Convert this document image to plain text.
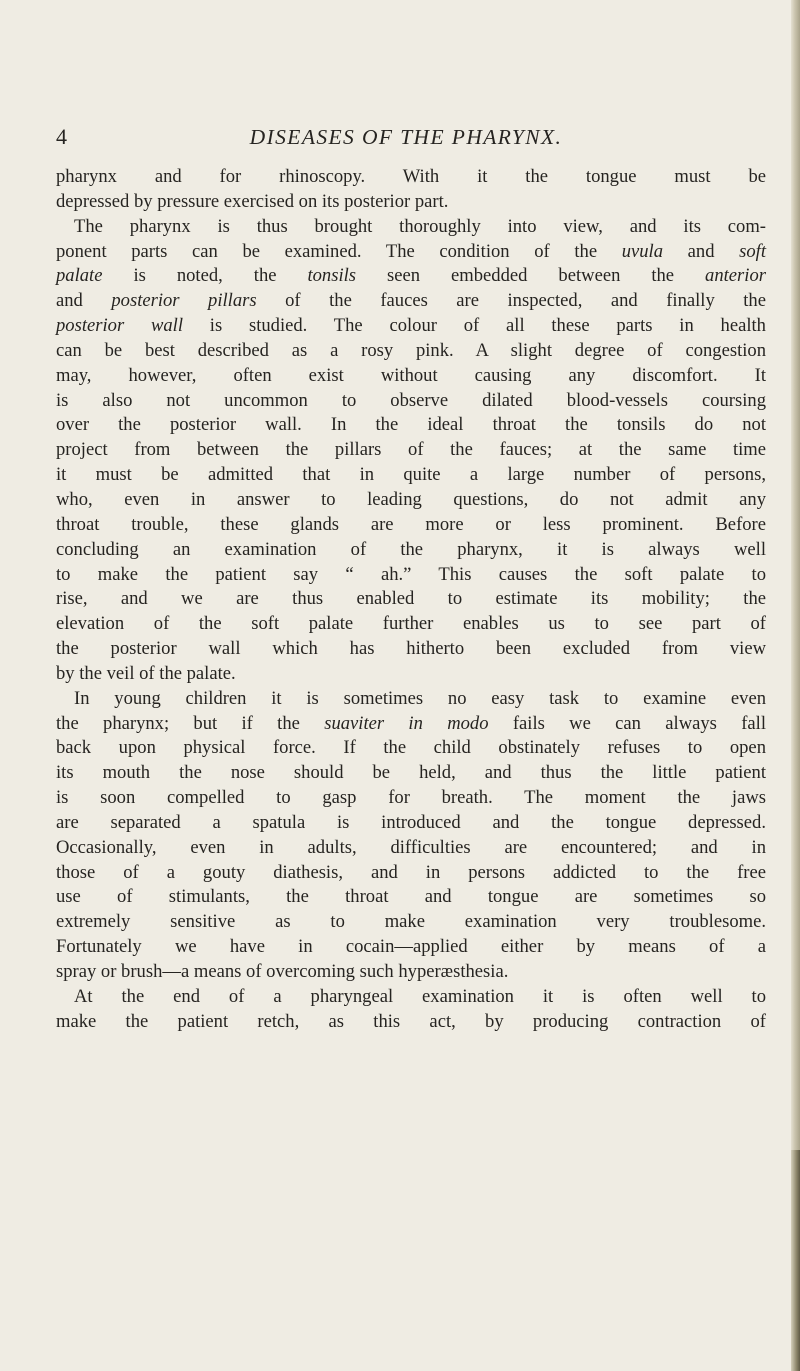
4	DISEASES OF THE PHARYNX.
pharynx and for rhinoscopy. With it the tongue must be
depressed by pressure exercised on its posterior part.
The pharynx is thus brought thoroughly into view, and its com-
ponent parts can be examined. The condition of the uvula and soft
palate is noted, the tonsils seen embedded between the anterior
and posterior pillars of the fauces are inspected, and finally the
posterior wall is studied. The colour of all these parts in health
can be best described as a rosy pink. A slight degree of congestion
may, however, often exist without causing any discomfort. It
is also not uncommon to observe dilated blood-vessels coursing
over the posterior wall. In the ideal throat the tonsils do not
project from between the pillars of the fauces; at the same time
it must be admitted that in quite a large number of persons,
who, even in answer to leading questions, do not admit any
throat trouble, these glands are more or less prominent. Before
concluding an examination of the pharynx, it is always well
to make the patient say “ ah.” This causes the soft palate to
rise, and we are thus enabled to estimate its mobility; the
elevation of the soft palate further enables us to see part of
the posterior wall which has hitherto been excluded from view
by the veil of the palate.
In young children it is sometimes no easy task to examine even
the pharynx; but if the suaviter in modo fails we can always fall
back upon physical force. If the child obstinately refuses to open
its mouth the nose should be held, and thus the little patient
is soon compelled to gasp for breath. The moment the jaws
are separated a spatula is introduced and the tongue depressed.
Occasionally, even in adults, difficulties are encountered; and in
those of a gouty diathesis, and in persons addicted to the free
use of stimulants, the throat and tongue are sometimes so
extremely sensitive as to make examination very troublesome.
Fortunately we have in cocain—applied either by means of a
spray or brush—a means of overcoming such hyperæsthesia.
At the end of a pharyngeal examination it is often well to
make the patient retch, as this act, by producing contraction of
